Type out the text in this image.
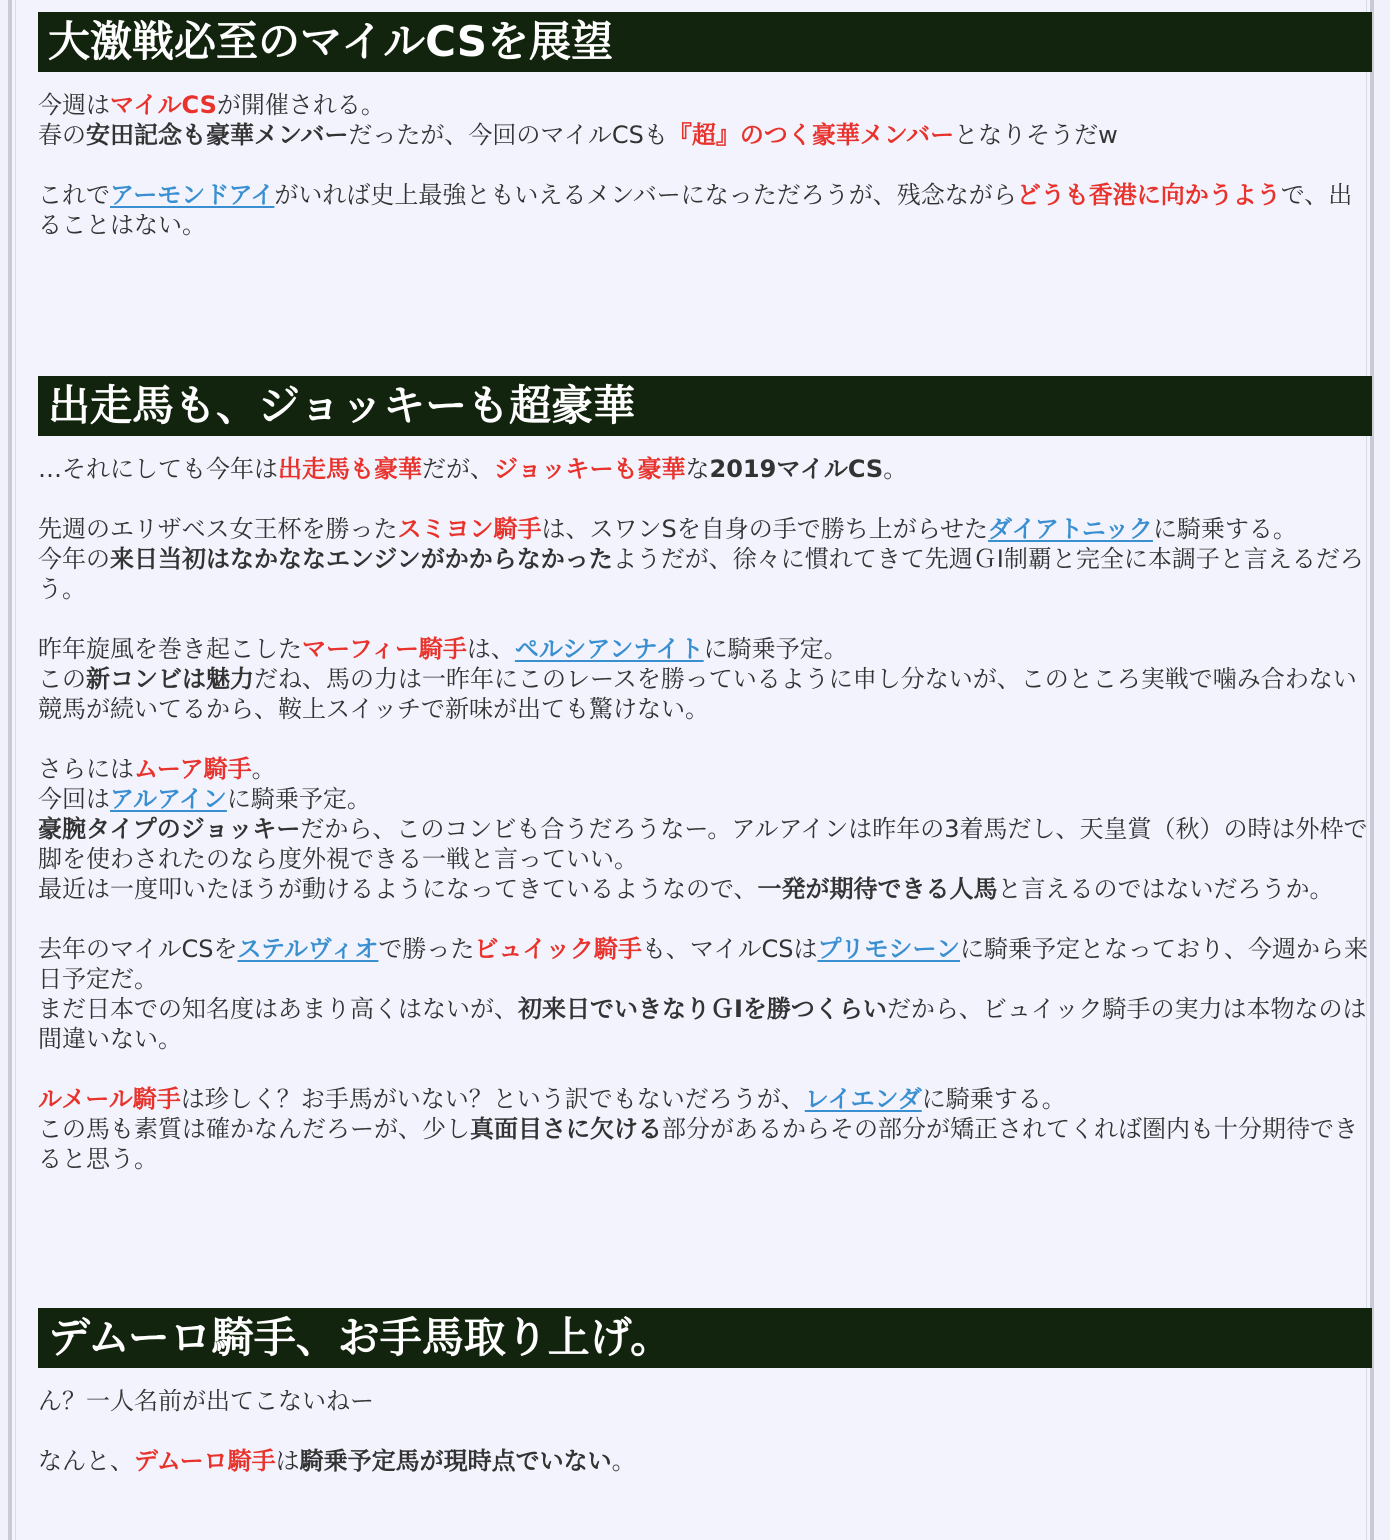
大激戦必至のマイルCSを展望

今週はマイルCSが開催される。

春の安田記念も豪華メンバーだったが、今回のマイルCSも『超』のつく豪華メンバーとなりそうだw

これでアーモンドアイがいれば史上最強ともいえるメンバーになっただろうが、残念ながらどうも香港に向かうようで、出ることはない。

出走馬も、ジョッキーも超豪華

…それにしても今年は出走馬も豪華だが、ジョッキーも豪華な2019マイルCS。

先週のエリザベス女王杯を勝ったスミヨン騎手は、スワンSを自身の手で勝ち上がらせたダイアトニックに騎乗する。

今年の来日当初はなかななエンジンがかからなかったようだが、徐々に慣れてきて先週ＧⅠ制覇と完全に本調子と言えるだろう。

昨年旋風を巻き起こしたマーフィー騎手は、ペルシアンナイトに騎乗予定。

この新コンビは魅力だね、馬の力は一昨年にこのレースを勝っているように申し分ないが、このところ実戦で噛み合わない競馬が続いてるから、鞍上スイッチで新味が出ても驚けない。

さらにはムーア騎手。

今回はアルアインに騎乗予定。

豪腕タイプのジョッキーだから、このコンビも合うだろうなー。アルアインは昨年の3着馬だし、天皇賞（秋）の時は外枠で脚を使わされたのなら度外視できる一戦と言っていい。

最近は一度叩いたほうが動けるようになってきているようなので、一発が期待できる人馬と言えるのではないだろうか。

去年のマイルCSをステルヴィオで勝ったビュイック騎手も、マイルCSはプリモシーンに騎乗予定となっており、今週から来日予定だ。

まだ日本での知名度はあまり高くはないが、初来日でいきなりＧⅠを勝つくらいだから、ビュイック騎手の実力は本物なのは間違いない。

ルメール騎手は珍しく？お手馬がいない？という訳でもないだろうが、レイエンダに騎乗する。

この馬も素質は確かなんだろーが、少し真面目さに欠ける部分があるからその部分が矯正されてくれば圏内も十分期待できると思う。

デムーロ騎手、お手馬取り上げ。

ん？一人名前が出てこないねー

なんと、デムーロ騎手は騎乗予定馬が現時点でいない。
